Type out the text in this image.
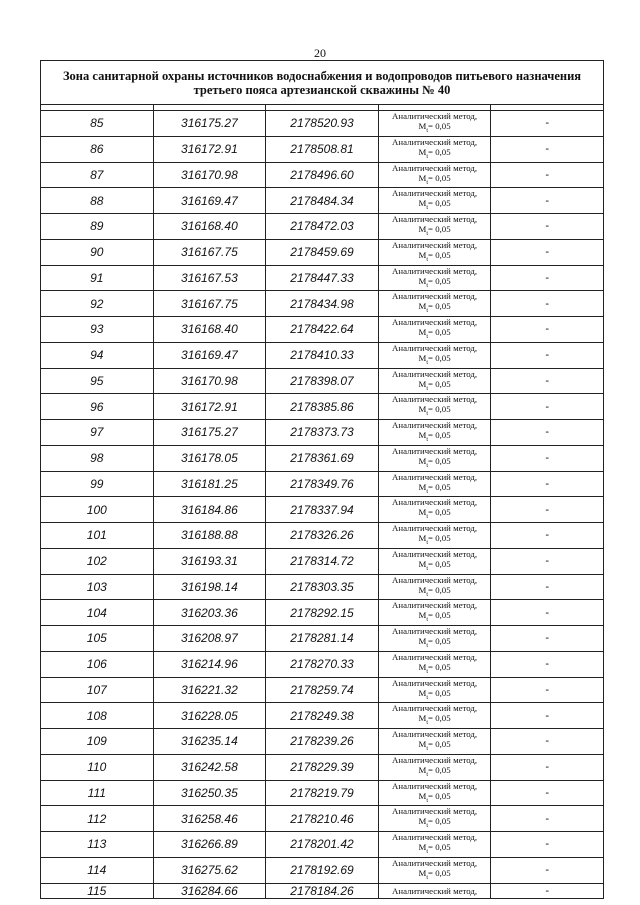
20
Зона санитарной охраны источников водоснабжения и водопроводов питьевого назначения третьего пояса артезианской скважины № 40				

85	316175.27	2178520.93	Аналитический метод,
$M_t= 0,05$	-
86	316172.91	2178508.81	Аналитический метод,
$M_t= 0,05$	-
87	316170.98	2178496.60	Аналитический метод,
$M_t= 0,05$	-
88	316169.47	2178484.34	Аналитический метод,
$M_t= 0,05$	-
89	316168.40	2178472.03	Аналитический метод,
$M_t= 0,05$	-
90	316167.75	2178459.69	Аналитический метод,
$M_t= 0,05$	-
91	316167.53	2178447.33	Аналитический метод,
$M_t= 0,05$	-
92	316167.75	2178434.98	Аналитический метод,
$M_t= 0,05$	-
93	316168.40	2178422.64	Аналитический метод,
$M_t= 0,05$	-
94	316169.47	2178410.33	Аналитический метод,
$M_t= 0,05$	-
95	316170.98	2178398.07	Аналитический метод,
$M_t= 0,05$	-
96	316172.91	2178385.86	Аналитический метод,
$M_t= 0,05$	-
97	316175.27	2178373.73	Аналитический метод,
$M_t= 0,05$	-
98	316178.05	2178361.69	Аналитический метод,
$M_t= 0,05$	-
99	316181.25	2178349.76	Аналитический метод,
$M_t= 0,05$	-
100	316184.86	2178337.94	Аналитический метод,
$M_t= 0,05$	-
101	316188.88	2178326.26	Аналитический метод,
$M_t= 0,05$	-
102	316193.31	2178314.72	Аналитический метод,
$M_t= 0,05$	-
103	316198.14	2178303.35	Аналитический метод,
$M_t= 0,05$	-
104	316203.36	2178292.15	Аналитический метод,
$M_t= 0,05$	-
105	316208.97	2178281.14	Аналитический метод,
$M_t= 0,05$	-
106	316214.96	2178270.33	Аналитический метод,
$M_t= 0,05$	-
107	316221.32	2178259.74	Аналитический метод,
$M_t= 0,05$	-
108	316228.05	2178249.38	Аналитический метод,
$M_t= 0,05$	-
109	316235.14	2178239.26	Аналитический метод,
$M_t= 0,05$	-
110	316242.58	2178229.39	Аналитический метод,
$M_t= 0,05$	-
111	316250.35	2178219.79	Аналитический метод,
$M_t= 0,05$	-
112	316258.46	2178210.46	Аналитический метод,
$M_t= 0,05$	-
113	316266.89	2178201.42	Аналитический метод,
$M_t= 0,05$	-
114	316275.62	2178192.69	Аналитический метод,
$M_t= 0,05$	-
115	316284.66	2178184.26	Аналитический метод,	-
